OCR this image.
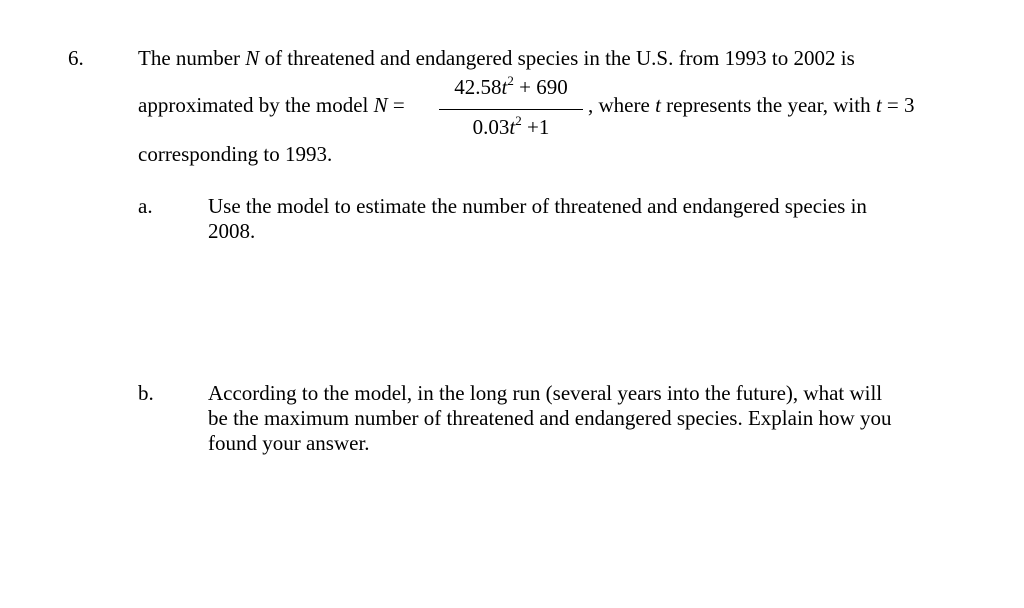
6.	The number N of threatened and endangered species in the U.S. from 1993 to 2002 is
approximated by the model N =
$42.58t^2 + 690$
$0.03t^2 +1$
, where t represents the year, with t = 3
corresponding to 1993.
a.	Use the model to estimate the number of threatened and endangered species in
2008.
b.	According to the model, in the long run (several years into the future), what will
be the maximum number of threatened and endangered species. Explain how you
found your answer.
